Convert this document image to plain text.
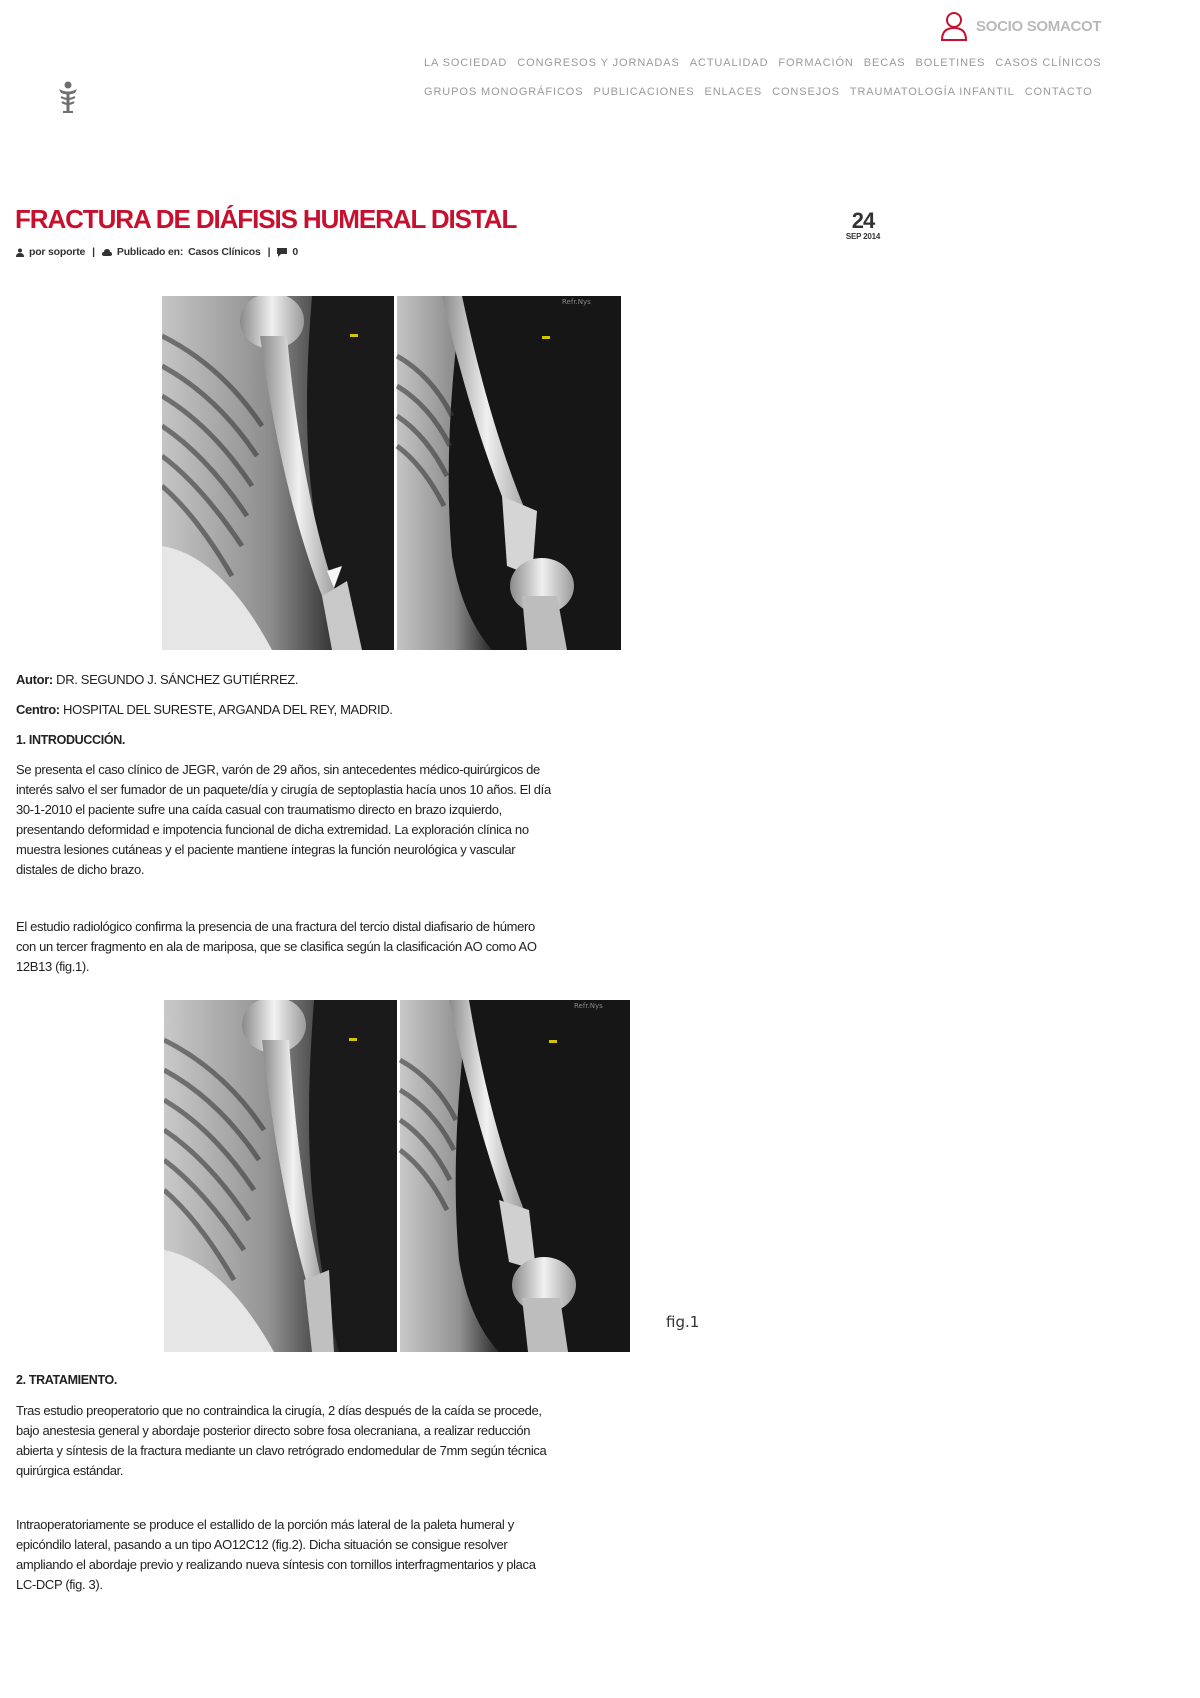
SOCIO SOMACOT
LA SOCIEDAD CONGRESOS Y JORNADAS ACTUALIDAD FORMACIÓN BECAS BOLETINES CASOS CLÍNICOS
GRUPOS MONOGRÁFICOS PUBLICACIONES ENLACES CONSEJOS TRAUMATOLOGÍA INFANTIL CONTACTO
FRACTURA DE DIÁFISIS HUMERAL DISTAL
por soporte | Publicado en: Casos Clínicos | 0
24
SEP 2014
Refr.Nys
Autor: DR. SEGUNDO J. SÁNCHEZ GUTIÉRREZ.
Centro: HOSPITAL DEL SURESTE, ARGANDA DEL REY, MADRID.
1. INTRODUCCIÓN.

Se presenta el caso clínico de JEGR, varón de 29 años, sin antecedentes médico-quirúrgicos de interés salvo el ser fumador de un paquete/día y cirugía de septoplastia hacía unos 10 años. El día 30-1-2010 el paciente sufre una caída casual con traumatismo directo en brazo izquierdo, presentando deformidad e impotencia funcional de dicha extremidad. La exploración clínica no muestra lesiones cutáneas y el paciente mantiene íntegras la función neurológica y vascular distales de dicho brazo.

El estudio radiológico confirma la presencia de una fractura del tercio distal diafisario de húmero con un tercer fragmento en ala de mariposa, que se clasifica según la clasificación AO como AO 12B13 (fig.1).

Refr.Nys
fig.1
2. TRATAMIENTO.

Tras estudio preoperatorio que no contraindica la cirugía, 2 días después de la caída se procede, bajo anestesia general y abordaje posterior directo sobre fosa olecraniana, a realizar reducción abierta y síntesis de la fractura mediante un clavo retrógrado endomedular de 7mm según técnica quirúrgica estándar.

Intraoperatoriamente se produce el estallido de la porción más lateral de la paleta humeral y epicóndilo lateral, pasando a un tipo AO12C12 (fig.2). Dicha situación se consigue resolver ampliando el abordaje previo y realizando nueva síntesis con tornillos interfragmentarios y placa LC-DCP (fig. 3).
